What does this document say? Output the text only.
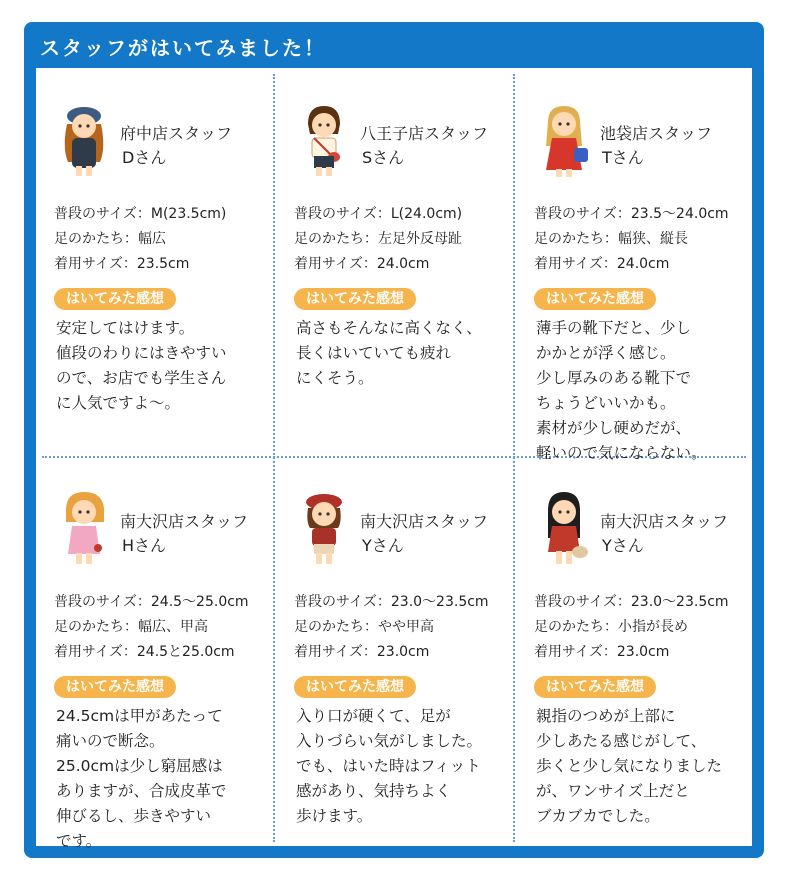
スタッフがはいてみました！
府中店スタッフ
Dさん
普段のサイズ：M(23.5cm)
足のかたち：幅広
着用サイズ：23.5cm
はいてみた感想
安定してはけます。
値段のわりにはきやすい
ので、お店でも学生さん
に人気ですよ～。
八王子店スタッフ
Sさん
普段のサイズ：L(24.0cm)
足のかたち：左足外反母趾
着用サイズ：24.0cm
はいてみた感想
高さもそんなに高くなく、
長くはいていても疲れ
にくそう。
池袋店スタッフ
Tさん
普段のサイズ：23.5～24.0cm
足のかたち：幅狭、縦長
着用サイズ：24.0cm
はいてみた感想
薄手の靴下だと、少し
かかとが浮く感じ。
少し厚みのある靴下で
ちょうどいいかも。
素材が少し硬めだが、
軽いので気にならない。
南大沢店スタッフ
Hさん
普段のサイズ：24.5～25.0cm
足のかたち：幅広、甲高
着用サイズ：24.5と25.0cm
はいてみた感想
24.5cmは甲があたって
痛いので断念。
25.0cmは少し窮屈感は
ありますが、合成皮革で
伸びるし、歩きやすい
です。
南大沢店スタッフ
Yさん
普段のサイズ：23.0～23.5cm
足のかたち：やや甲高
着用サイズ：23.0cm
はいてみた感想
入り口が硬くて、足が
入りづらい気がしました。
でも、はいた時はフィット
感があり、気持ちよく
歩けます。
南大沢店スタッフ
Yさん
普段のサイズ：23.0～23.5cm
足のかたち：小指が長め
着用サイズ：23.0cm
はいてみた感想
親指のつめが上部に
少しあたる感じがして、
歩くと少し気になりました
が、ワンサイズ上だと
ブカブカでした。
